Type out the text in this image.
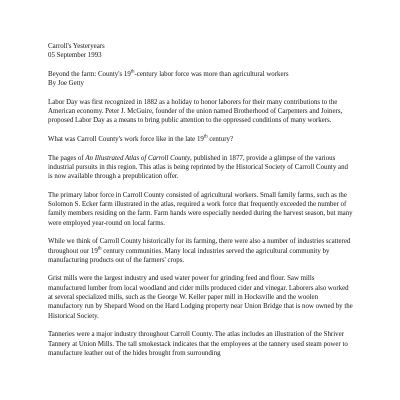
Carroll's Yesteryears

05 September 1993

Beyond the farm: County's 19th-century labor force was more than agricultural workers

By Joe Getty

Labor Day was first recognized in 1882 as a holiday to honor laborers for their many contributions to the American economy. Peter J. McGuire, founder of the union named Brotherhood of Carpenters and Joiners, proposed Labor Day as a means to bring public attention to the oppressed conditions of many workers.

What was Carroll County's work force like in the late 19th century?

The pages of An Illustrated Atlas of Carroll County, published in 1877, provide a glimpse of the various industrial pursuits in this region. This atlas is being reprinted by the Historical Society of Carroll County and is now available through a prepublication offer.

The primary labor force in Carroll County consisted of agricultural workers. Small family farms, such as the Solomon S. Ecker farm illustrated in the atlas, required a work force that frequently exceeded the number of family members residing on the farm. Farm hands were especially needed during the harvest season, but many were employed year-round on local farms.

While we think of Carroll County historically for its farming, there were also a number of industries scattered throughout our 19th century communities. Many local industries served the agricultural community by manufacturing products out of the farmers' crops.

Grist mills were the largest industry and used water power for grinding feed and flour. Saw mills manufactured lumber from local woodland and cider mills produced cider and vinegar. Laborers also worked at several specialized mills, such as the George W. Keller paper mill in Hocksville and the woolen manufactory run by Shepard Wood on the Hard Lodging property near Union Bridge that is now owned by the Historical Society.

Tanneries were a major industry throughout Carroll County. The atlas includes an illustration of the Shriver Tannery at Union Mills. The tall smokestack indicates that the employees at the tannery used steam power to manufacture leather out of the hides brought from surrounding
